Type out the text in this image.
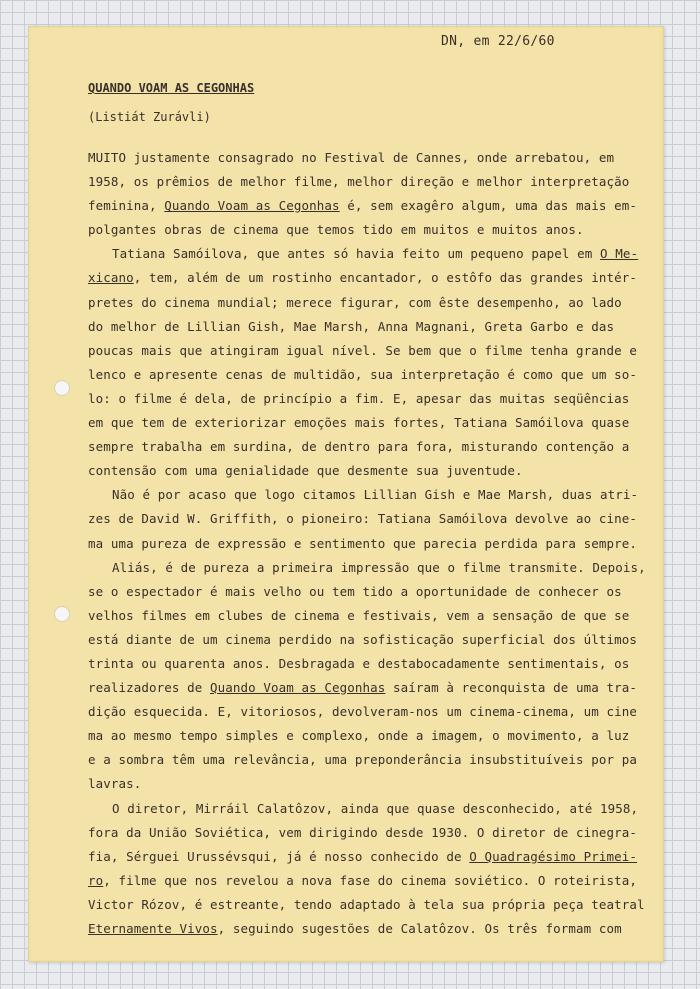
DN, em 22/6/60
QUANDO VOAM AS CEGONHAS
(Listiát Zurávli)
MUITO justamente consagrado no Festival de Cannes, onde arrebatou, em
1958, os prêmios de melhor filme, melhor direção e melhor interpretação
feminina, Quando Voam as Cegonhas é, sem exagêro algum, uma das mais em-
polgantes obras de cinema que temos tido em muitos e muitos anos.
Tatiana Samóilova, que antes só havia feito um pequeno papel em O Me-
xicano, tem, além de um rostinho encantador, o estôfo das grandes intér-
pretes do cinema mundial; merece figurar, com êste desempenho, ao lado
do melhor de Lillian Gish, Mae Marsh, Anna Magnani, Greta Garbo e das
poucas mais que atingiram igual nível. Se bem que o filme tenha grande e
lenco e apresente cenas de multidão, sua interpretação é como que um so-
lo: o filme é dela, de princípio a fim. E, apesar das muitas seqüências
em que tem de exteriorizar emoções mais fortes, Tatiana Samóilova quase
sempre trabalha em surdina, de dentro para fora, misturando contenção a
contensão com uma genialidade que desmente sua juventude.
Não é por acaso que logo citamos Lillian Gish e Mae Marsh, duas atri-
zes de David W. Griffith, o pioneiro: Tatiana Samóilova devolve ao cine-
ma uma pureza de expressão e sentimento que parecia perdida para sempre.
Aliás, é de pureza a primeira impressão que o filme transmite. Depois,
se o espectador é mais velho ou tem tido a oportunidade de conhecer os
velhos filmes em clubes de cinema e festivais, vem a sensação de que se
está diante de um cinema perdido na sofisticação superficial dos últimos
trinta ou quarenta anos. Desbragada e destabocadamente sentimentais, os
realizadores de Quando Voam as Cegonhas saíram à reconquista de uma tra-
dição esquecida. E, vitoriosos, devolveram-nos um cinema-cinema, um cine
ma ao mesmo tempo simples e complexo, onde a imagem, o movimento, a luz
e a sombra têm uma relevância, uma preponderância insubstituíveis por pa
lavras.
O diretor, Mirráil Calatôzov, ainda que quase desconhecido, até 1958,
fora da União Soviética, vem dirigindo desde 1930. O diretor de cinegra-
fia, Sérguei Urussévsqui, já é nosso conhecido de O Quadragésimo Primei-
ro, filme que nos revelou a nova fase do cinema soviético. O roteirista,
Victor Rózov, é estreante, tendo adaptado à tela sua própria peça teatral
Eternamente Vivos, seguindo sugestões de Calatôzov. Os três formam com
